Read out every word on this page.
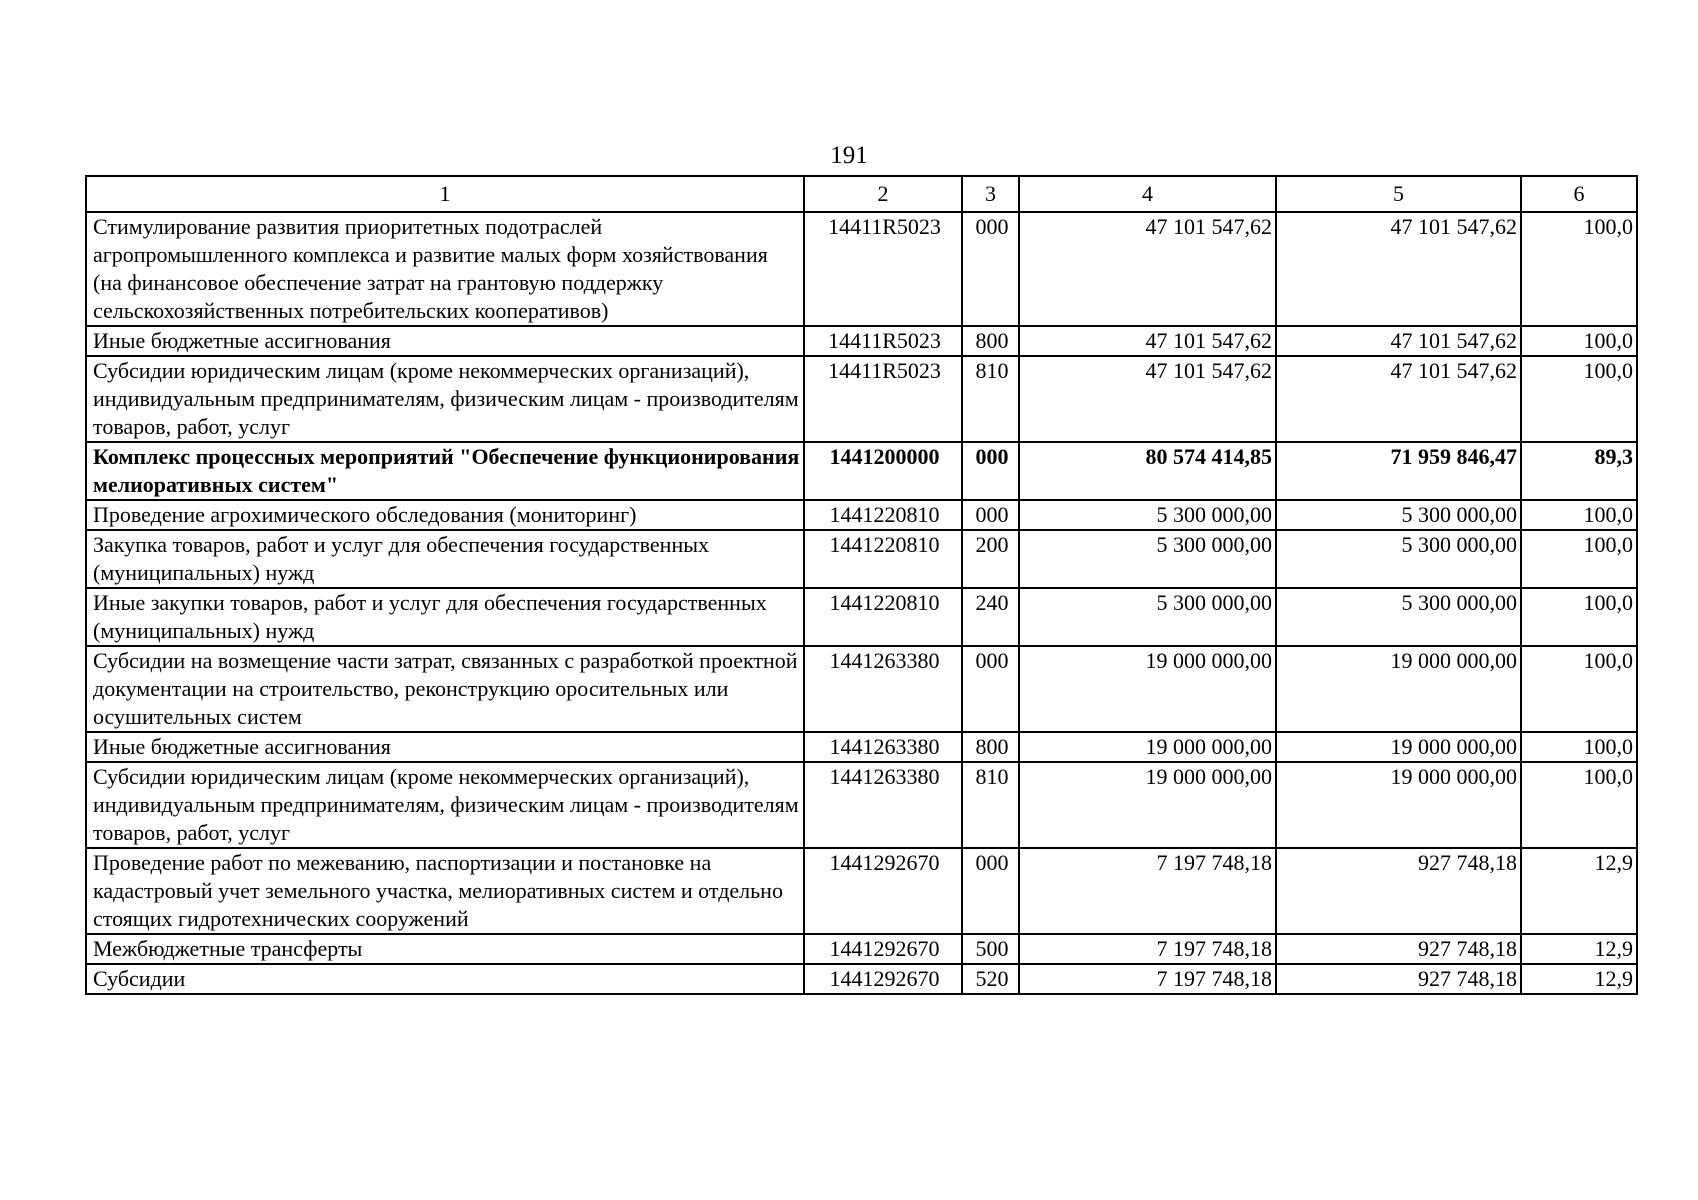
191
1	2	3	4	5	6
Стимулирование развития приоритетных подотраслей агропромышленного комплекса и развитие малых форм хозяйствования (на финансовое обеспечение затрат на грантовую поддержку сельскохозяйственных потребительских кооперативов)	14411R5023	000	47 101 547,62	47 101 547,62	100,0
Иные бюджетные ассигнования	14411R5023	800	47 101 547,62	47 101 547,62	100,0
Субсидии юридическим лицам (кроме некоммерческих организаций), индивидуальным предпринимателям, физическим лицам - производителям товаров, работ, услуг	14411R5023	810	47 101 547,62	47 101 547,62	100,0
Комплекс процессных мероприятий "Обеспечение функционирования мелиоративных систем"	1441200000	000	80 574 414,85	71 959 846,47	89,3
Проведение агрохимического обследования (мониторинг)	1441220810	000	5 300 000,00	5 300 000,00	100,0
Закупка товаров, работ и услуг для обеспечения государственных (муниципальных) нужд	1441220810	200	5 300 000,00	5 300 000,00	100,0
Иные закупки товаров, работ и услуг для обеспечения государственных (муниципальных) нужд	1441220810	240	5 300 000,00	5 300 000,00	100,0
Субсидии на возмещение части затрат, связанных с разработкой проектной документации на строительство, реконструкцию оросительных или осушительных систем	1441263380	000	19 000 000,00	19 000 000,00	100,0
Иные бюджетные ассигнования	1441263380	800	19 000 000,00	19 000 000,00	100,0
Субсидии юридическим лицам (кроме некоммерческих организаций), индивидуальным предпринимателям, физическим лицам - производителям товаров, работ, услуг	1441263380	810	19 000 000,00	19 000 000,00	100,0
Проведение работ по межеванию, паспортизации и постановке на кадастровый учет земельного участка, мелиоративных систем и отдельно стоящих гидротехнических сооружений	1441292670	000	7 197 748,18	927 748,18	12,9
Межбюджетные трансферты	1441292670	500	7 197 748,18	927 748,18	12,9
Субсидии	1441292670	520	7 197 748,18	927 748,18	12,9
